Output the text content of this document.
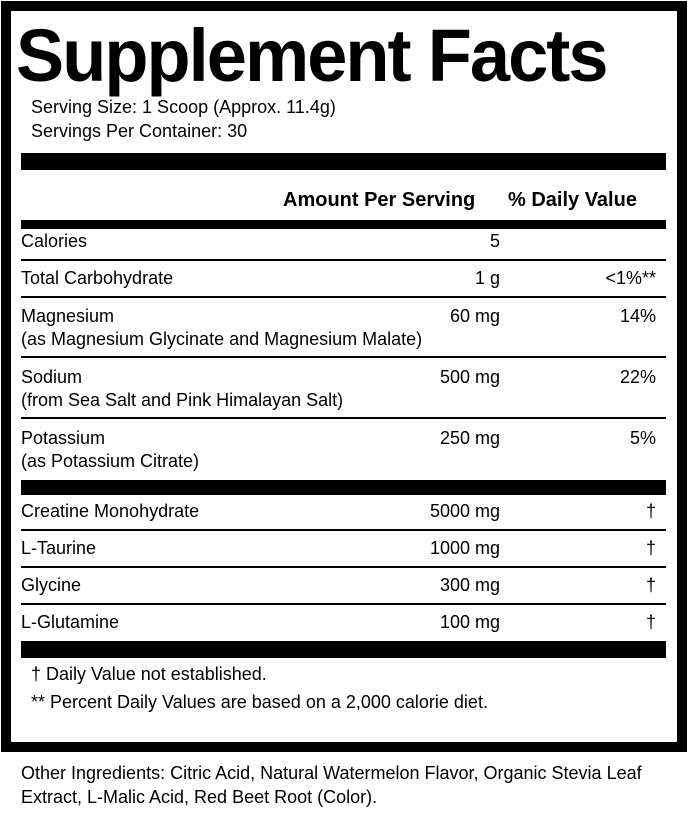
Supplement Facts
Serving Size: 1 Scoop (Approx. 11.4g)
Servings Per Container: 30
Amount Per Serving % Daily Value
Calories	5
Total Carbohydrate	1 g	<1%**
Magnesium
(as Magnesium Glycinate and Magnesium Malate)
60 mg	14%
Sodium
(from Sea Salt and Pink Himalayan Salt)
500 mg	22%
Potassium
(as Potassium Citrate)
250 mg	5%
Creatine Monohydrate	5000 mg	†
L-Taurine	1000 mg	†
Glycine	300 mg	†
L-Glutamine	100 mg	†
† Daily Value not established.
** Percent Daily Values are based on a 2,000 calorie diet.
Other Ingredients: Citric Acid, Natural Watermelon Flavor, Organic Stevia Leaf Extract, L-Malic Acid, Red Beet Root (Color).
